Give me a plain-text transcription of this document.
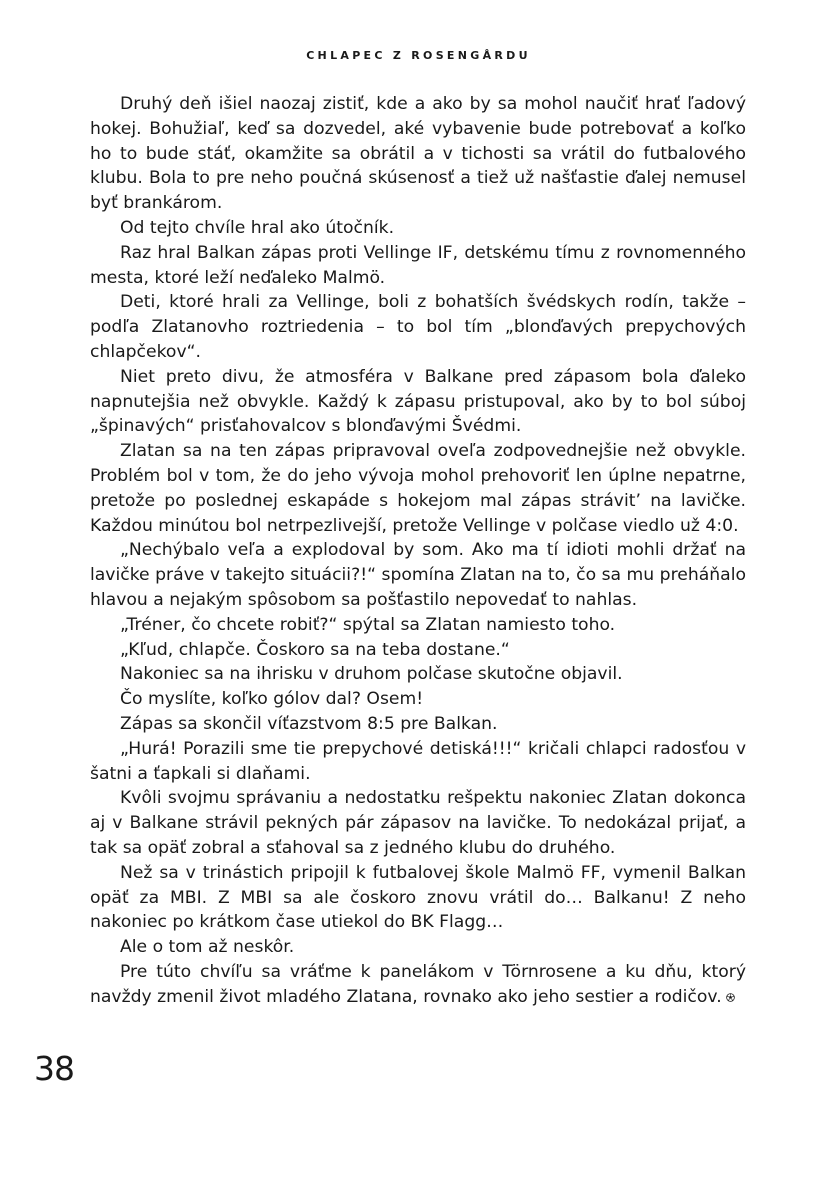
CHLAPEC Z ROSENGÅRDU

Druhý deň išiel naozaj zistiť, kde a ako by sa mohol naučiť hrať ľadový hokej. Bohužiaľ, keď sa dozvedel, aké vybavenie bude potrebovať a koľko ho to bude stáť, okamžite sa obrátil a v tichosti sa vrátil do futbalového klubu. Bola to pre neho poučná skúsenosť a tiež už našťastie ďalej nemusel byť brankárom.

Od tejto chvíle hral ako útočník.

Raz hral Balkan zápas proti Vellinge IF, detskému tímu z rovnomenného mesta, ktoré leží neďaleko Malmö.

Deti, ktoré hrali za Vellinge, boli z bohatších švédskych rodín, takže – podľa Zlatanovho roztriedenia – to bol tím „blonďavých prepychových chlapčekov“.

Niet preto divu, že atmosféra v Balkane pred zápasom bola ďaleko napnutejšia než obvykle. Každý k zápasu pristupoval, ako by to bol súboj „špinavých“ prisťahovalcov s blonďavými Švédmi.

Zlatan sa na ten zápas pripravoval oveľa zodpovednejšie než obvykle. Problém bol v tom, že do jeho vývoja mohol prehovoriť len úplne nepatrne, pretože po poslednej eskapáde s hokejom mal zápas strávit’ na lavičke. Každou minútou bol netrpezlivejší, pretože Vellinge v polčase viedlo už 4:0.

„Nechýbalo veľa a explodoval by som. Ako ma tí idioti mohli držať na lavičke práve v takejto situácii?!“ spomína Zlatan na to, čo sa mu preháňalo hlavou a nejakým spôsobom sa pošťastilo nepovedať to nahlas.

„Tréner, čo chcete robiť?“ spýtal sa Zlatan namiesto toho.

„Kľud, chlapče. Čoskoro sa na teba dostane.“

Nakoniec sa na ihrisku v druhom polčase skutočne objavil.

Čo myslíte, koľko gólov dal? Osem!

Zápas sa skončil víťazstvom 8:5 pre Balkan.

„Hurá! Porazili sme tie prepychové detiská!!!“ kričali chlapci radosťou v šatni a ťapkali si dlaňami.

Kvôli svojmu správaniu a nedostatku rešpektu nakoniec Zlatan dokonca aj v Balkane strávil pekných pár zápasov na lavičke. To nedokázal prijať, a tak sa opäť zobral a sťahoval sa z jedného klubu do druhého.

Než sa v trinástich pripojil k futbalovej škole Malmö FF, vymenil Balkan opäť za MBI. Z MBI sa ale čoskoro znovu vrátil do… Balkanu! Z neho nakoniec po krátkom čase utiekol do BK Flagg…

Ale o tom až neskôr.

Pre túto chvíľu sa vráťme k panelákom v Törnrosene a ku dňu, ktorý navždy zmenil život mladého Zlatana, rovnako ako jeho sestier a rodičov.

38
